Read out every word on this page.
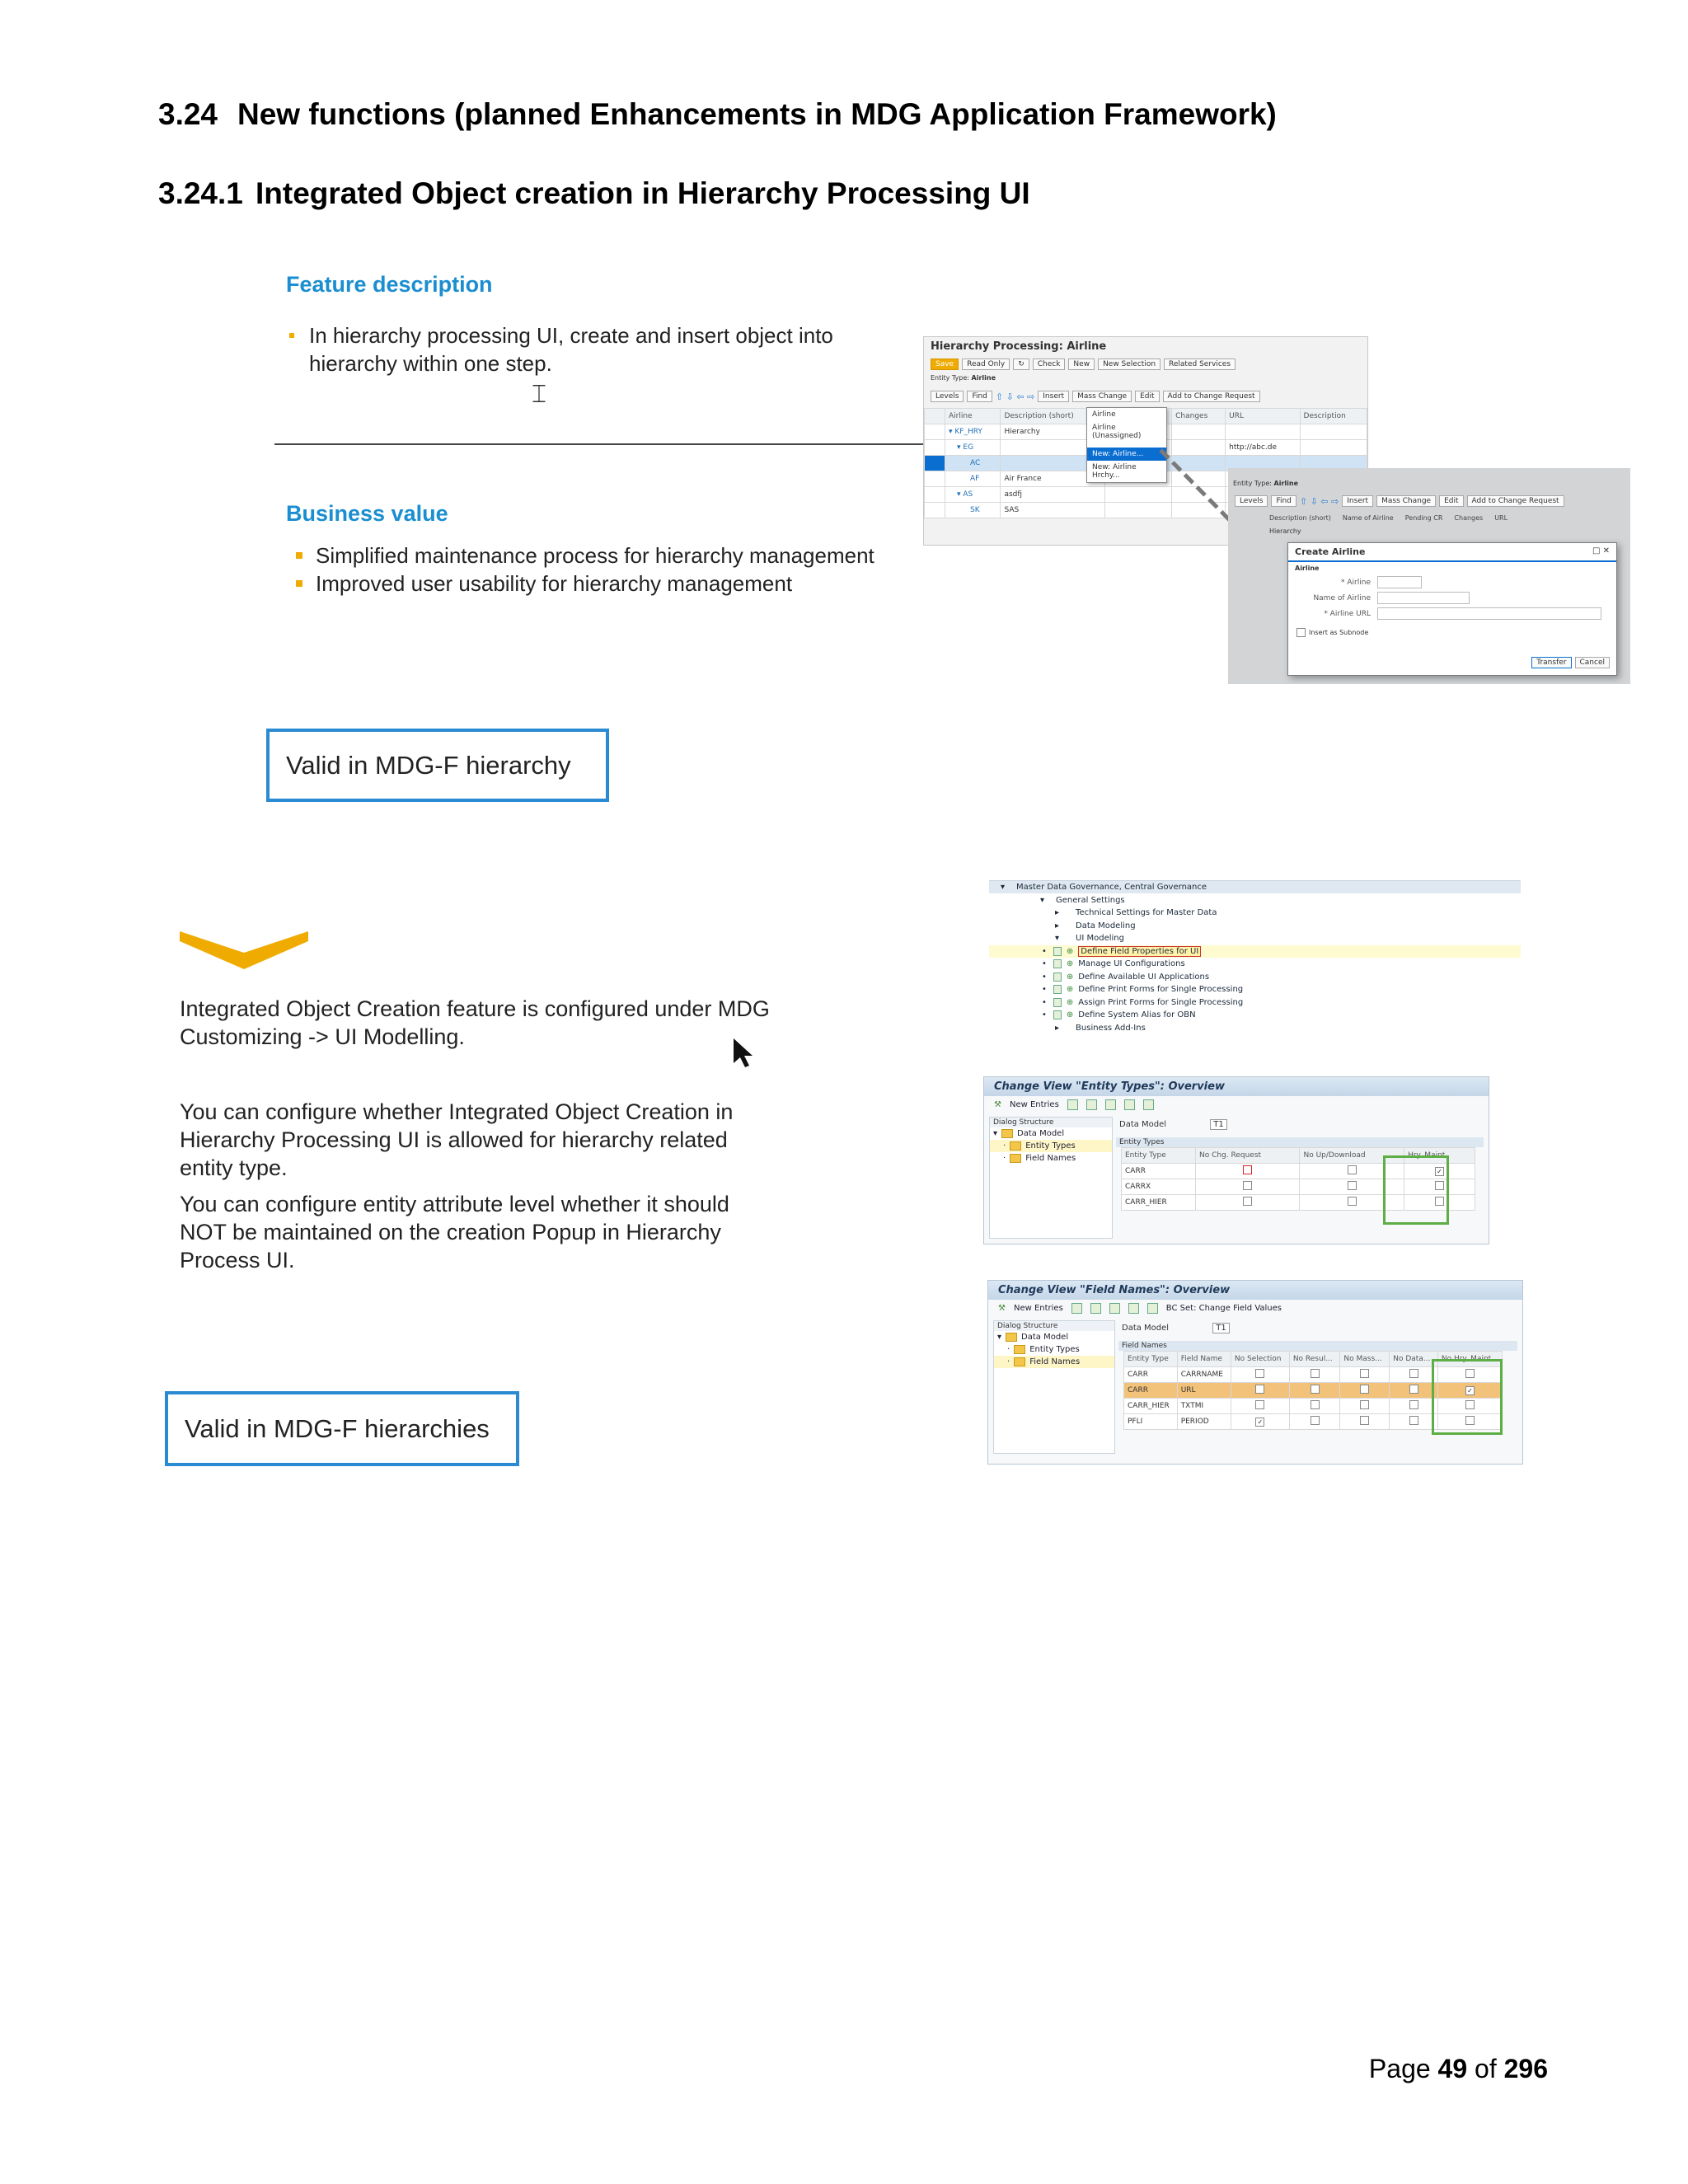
3.24 New functions (planned Enhancements in MDG Application Framework)
3.24.1 Integrated Object creation in Hierarchy Processing UI
Feature description
In hierarchy processing UI, create and insert object into hierarchy within one step.
⌶
Business value
Simplified maintenance process for hierarchy management
Improved user usability for hierarchy management
Hierarchy Processing: Airline
Save	Read Only	↻	Check	New	New Selection	Related Services
Entity Type: Airline
Levels	Find ⇧ ⇩ ⇦ ⇨	Insert	Mass Change	Edit	Add to Change Request
	Airline	Description (short)		Changes	URL	Description
	▾ KF_HRY	Hierarchy				
	▾ EG				http://abc.de	
	AC					
	AF	Air France				
	▾ AS	asdfj				
	SK	SAS				
Airline
Airline (Unassigned)
New: Airline...
New: Airline Hrchy...
Entity Type: Airline
Levels	Find ⇧ ⇩ ⇦ ⇨	Insert	Mass Change	Edit	Add to Change Request
Description (short) Name of Airline Pending CR Changes URL
Hierarchy
Create Airline	□ ✕
Airline
* Airline
Name of Airline
* Airline URL
Insert as Subnode
Transfer	Cancel
Valid in MDG-F hierarchy
Integrated Object Creation feature is configured under MDG Customizing -> UI Modelling.
You can configure whether Integrated Object Creation in Hierarchy Processing UI is allowed for hierarchy related entity type.
You can configure entity attribute level whether it should NOT be maintained on the creation Popup in Hierarchy Process UI.
Valid in MDG-F hierarchies
▾ Master Data Governance, Central Governance
▾ General Settings
▸ Technical Settings for Master Data
▸ Data Modeling
▾ UI Modeling
• ⊕ Define Field Properties for UI
• ⊕ Manage UI Configurations
• ⊕ Define Available UI Applications
• ⊕ Define Print Forms for Single Processing
• ⊕ Assign Print Forms for Single Processing
• ⊕ Define System Alias for OBN
▸ Business Add-Ins
Change View "Entity Types": Overview
⚒ New Entries
Dialog Structure
▾ Data Model
· Entity Types
· Field Names
Data Model	T1
Entity Types
Entity Type	No Chg. Request	No Up/Download	Hry. Maint.
CARR			✓
CARRX			
CARR_HIER			
Change View "Field Names": Overview
⚒ New Entries	BC Set: Change Field Values
Dialog Structure
▾ Data Model
· Entity Types
· Field Names
Data Model	T1
Field Names
Entity Type	Field Name	No Selection	No Resul...	No Mass...	No Data...	No Hry. Maint.
CARR	CARRNAME					
CARR	URL					✓
CARR_HIER	TXTMI					
PFLI	PERIOD	✓				
Page 49 of 296
